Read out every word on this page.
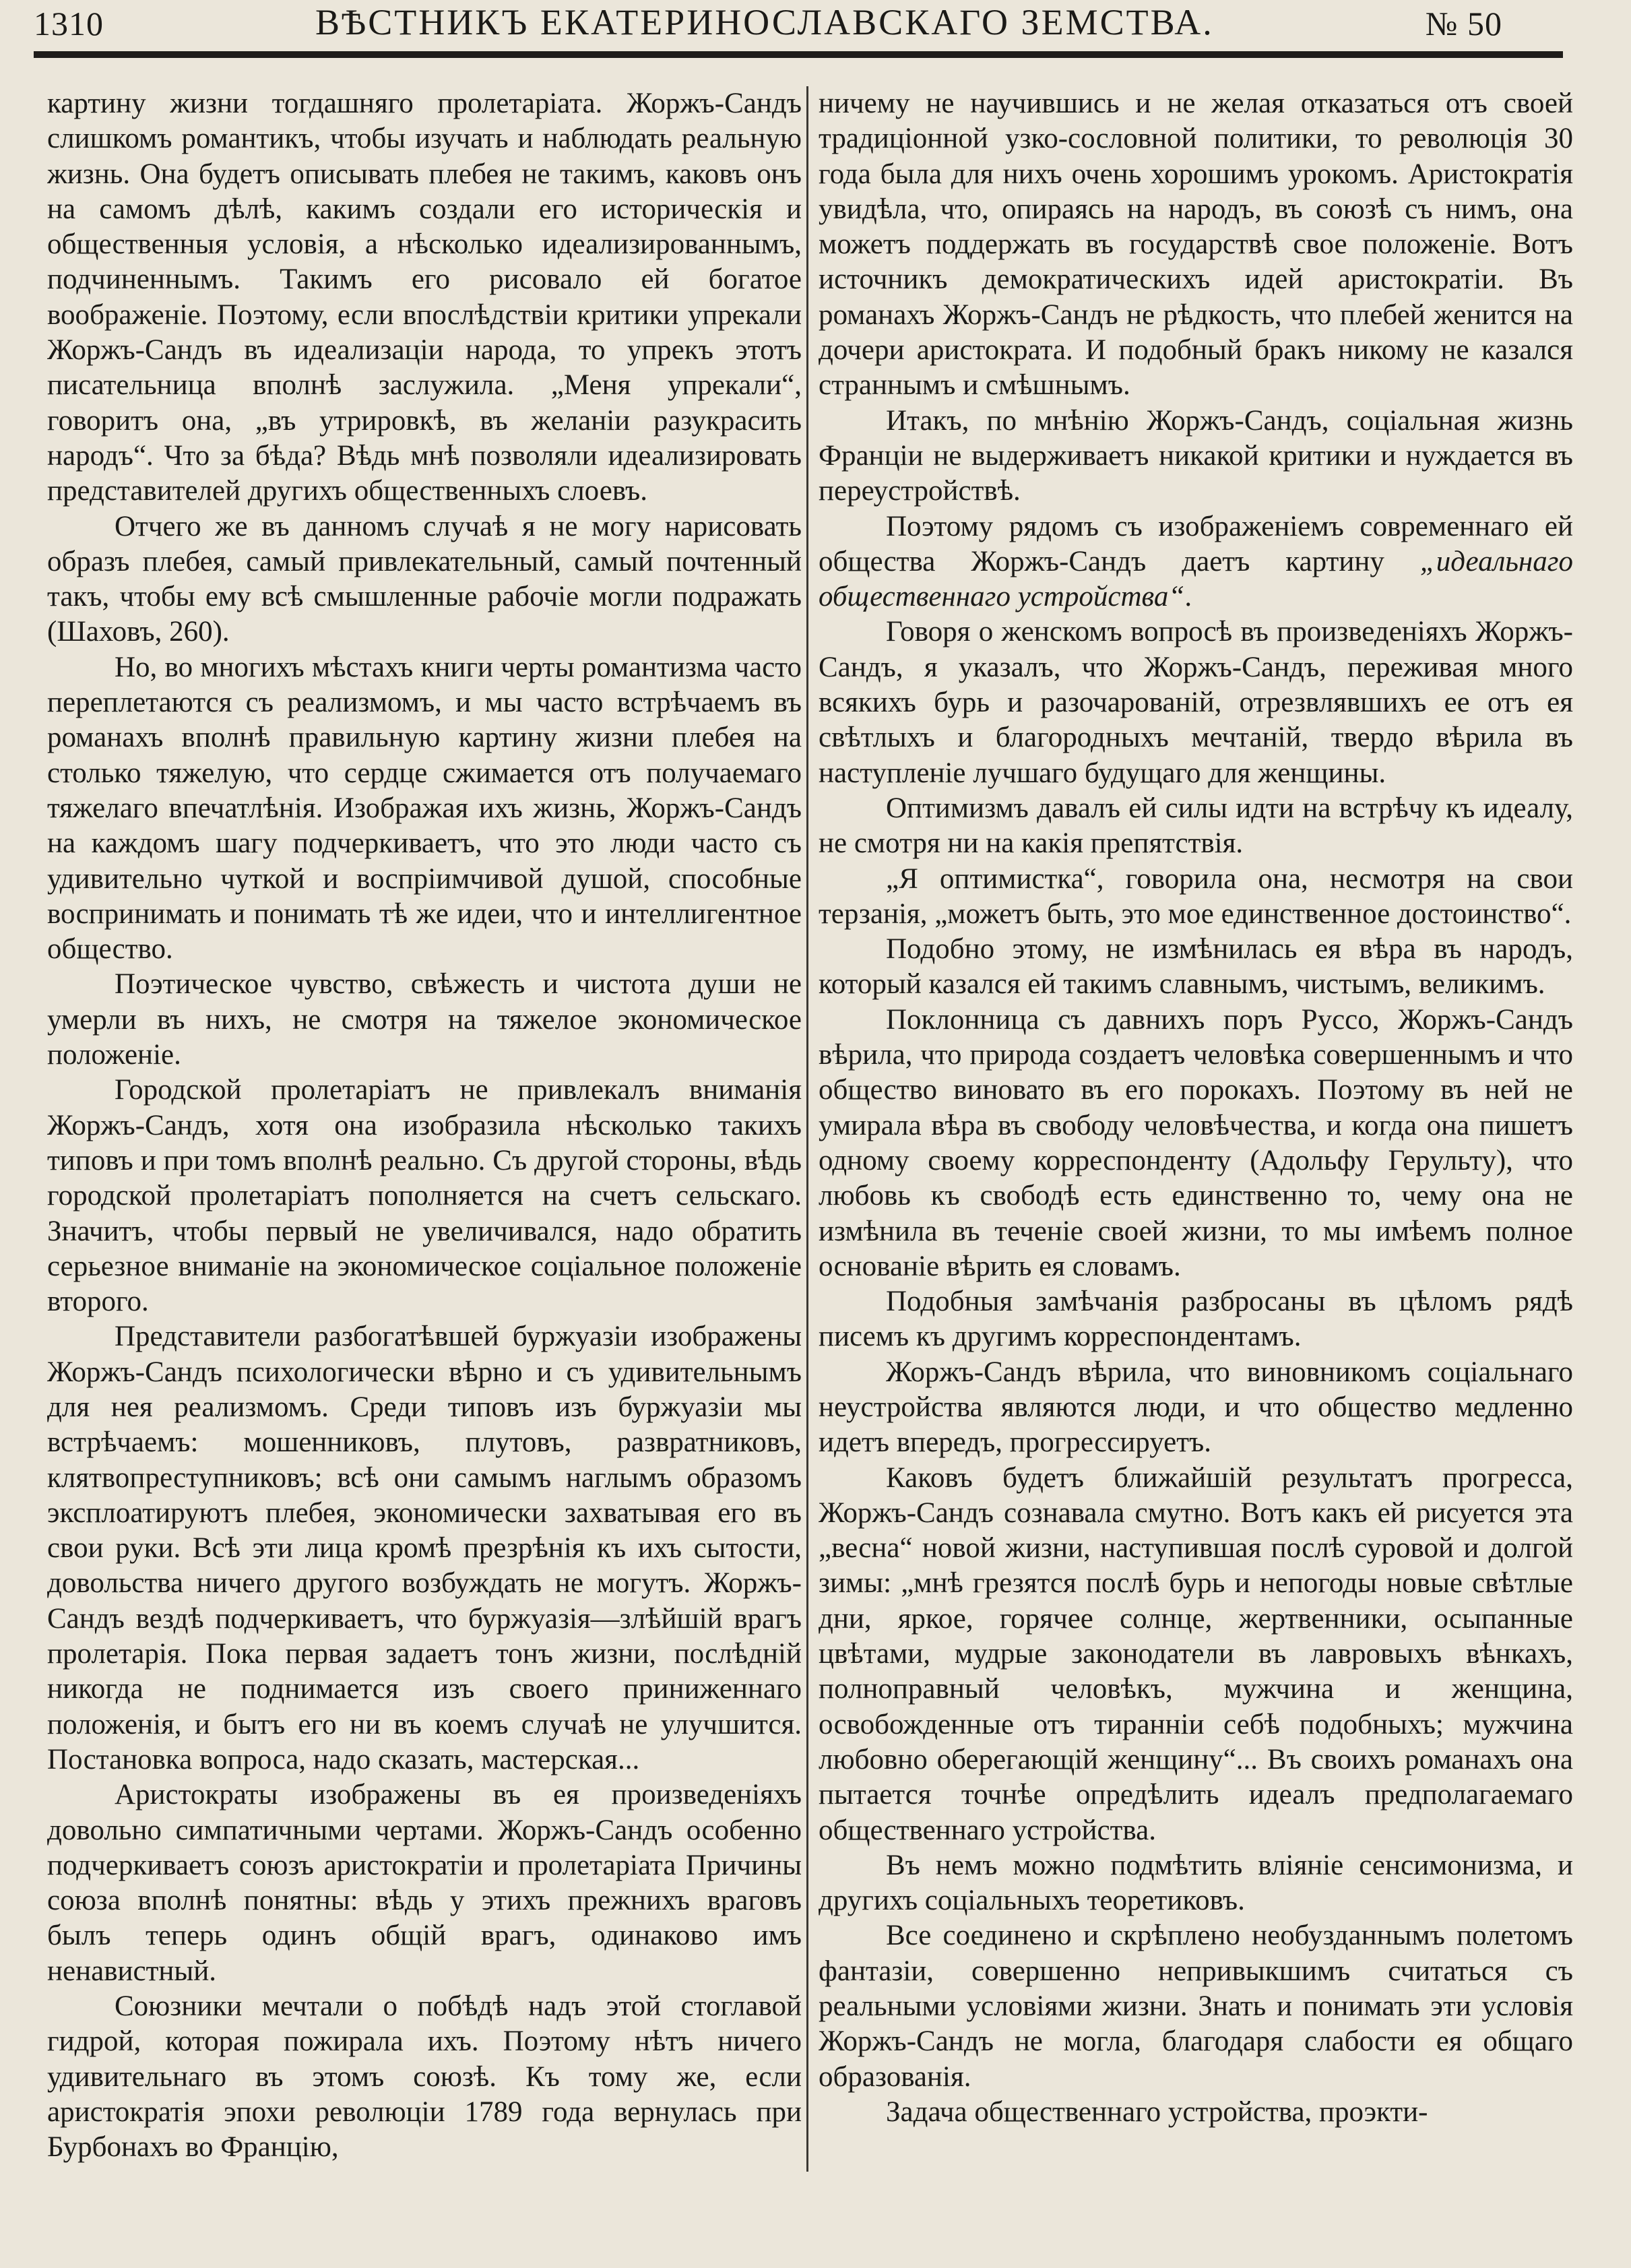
1310	ВѢСТНИКЪ ЕКАТЕРИНОСЛАВСКАГО ЗЕМСТВА.	№ 50

картину жизни тогдашняго пролетаріата. Жоржъ-Сандъ слишкомъ романтикъ, чтобы изучать и наблюдать реальную жизнь. Она будетъ описывать плебея не такимъ, каковъ онъ на самомъ дѣлѣ, какимъ создали его историческія и общественныя условія, а нѣсколько идеализированнымъ, подчиненнымъ. Такимъ его рисовало ей богатое воображеніе. Поэтому, если впослѣдствіи критики упрекали Жоржъ-Сандъ въ идеализаціи народа, то упрекъ этотъ писательница вполнѣ заслужила. „Меня упрекали“, говоритъ она, „въ утрировкѣ, въ желаніи разукрасить народъ“. Что за бѣда? Вѣдь мнѣ позволяли идеализировать представителей другихъ общественныхъ слоевъ.

Отчего же въ данномъ случаѣ я не могу нарисовать образъ плебея, самый привлекательный, самый почтенный такъ, чтобы ему всѣ смышленные рабочіе могли подражать (Шаховъ, 260).

Но, во многихъ мѣстахъ книги черты романтизма часто переплетаются съ реализмомъ, и мы часто встрѣчаемъ въ романахъ вполнѣ правильную картину жизни плебея на столько тяжелую, что сердце сжимается отъ получаемаго тяжелаго впечатлѣнія. Изображая ихъ жизнь, Жоржъ-Сандъ на каждомъ шагу подчеркиваетъ, что это люди часто съ удивительно чуткой и воспріимчивой душой, способные воспринимать и понимать тѣ же идеи, что и интеллигентное общество.

Поэтическое чувство, свѣжесть и чистота души не умерли въ нихъ, не смотря на тяжелое экономическое положеніе.

Городской пролетаріатъ не привлекалъ вниманія Жоржъ-Сандъ, хотя она изобразила нѣсколько такихъ типовъ и при томъ вполнѣ реально. Съ другой стороны, вѣдь городской пролетаріатъ пополняется на счетъ сельскаго. Значитъ, чтобы первый не увеличивался, надо обратить серьезное вниманіе на экономическое соціальное положеніе второго.

Представители разбогатѣвшей буржуазіи изображены Жоржъ-Сандъ психологически вѣрно и съ удивительнымъ для нея реализмомъ. Среди типовъ изъ буржуазіи мы встрѣчаемъ: мошенниковъ, плутовъ, развратниковъ, клятвопреступниковъ; всѣ они самымъ наглымъ образомъ эксплоатируютъ плебея, экономически захватывая его въ свои руки. Всѣ эти лица кромѣ презрѣнія къ ихъ сытости, довольства ничего другого возбуждать не могутъ. Жоржъ-Сандъ вездѣ подчеркиваетъ, что буржуазія—злѣйшій врагъ пролетарія. Пока первая задаетъ тонъ жизни, послѣдній никогда не поднимается изъ своего приниженнаго положенія, и бытъ его ни въ коемъ случаѣ не улучшится. Постановка вопроса, надо сказать, мастерская...

Аристократы изображены въ ея произведеніяхъ довольно симпатичными чертами. Жоржъ-Сандъ особенно подчеркиваетъ союзъ аристократіи и пролетаріата Причины союза вполнѣ понятны: вѣдь у этихъ прежнихъ враговъ былъ теперь одинъ общій врагъ, одинаково имъ ненавистный.

Союзники мечтали о побѣдѣ надъ этой стоглавой гидрой, которая пожирала ихъ. Поэтому нѣтъ ничего удивительнаго въ этомъ союзѣ. Къ тому же, если аристократія эпохи революціи 1789 года вернулась при Бурбонахъ во Францію,

ничему не научившись и не желая отказаться отъ своей традиціонной узко-сословной политики, то революція 30 года была для нихъ очень хорошимъ урокомъ. Аристократія увидѣла, что, опираясь на народъ, въ союзѣ съ нимъ, она можетъ поддержать въ государствѣ свое положеніе. Вотъ источникъ демократическихъ идей аристократіи. Въ романахъ Жоржъ-Сандъ не рѣдкость, что плебей женится на дочери аристократа. И подобный бракъ никому не казался страннымъ и смѣшнымъ.

Итакъ, по мнѣнію Жоржъ-Сандъ, соціальная жизнь Франціи не выдерживаетъ никакой критики и нуждается въ переустройствѣ.

Поэтому рядомъ съ изображеніемъ современнаго ей общества Жоржъ-Сандъ даетъ картину „идеальнаго общественнаго устройства“.

Говоря о женскомъ вопросѣ въ произведеніяхъ Жоржъ-Сандъ, я указалъ, что Жоржъ-Сандъ, переживая много всякихъ бурь и разочарованій, отрезвлявшихъ ее отъ ея свѣтлыхъ и благородныхъ мечтаній, твердо вѣрила въ наступленіе лучшаго будущаго для женщины.

Оптимизмъ давалъ ей силы идти на встрѣчу къ идеалу, не смотря ни на какія препятствія.

„Я оптимистка“, говорила она, несмотря на свои терзанія, „можетъ быть, это мое единственное достоинство“.

Подобно этому, не измѣнилась ея вѣра въ народъ, который казался ей такимъ славнымъ, чистымъ, великимъ.

Поклонница съ давнихъ поръ Руссо, Жоржъ-Сандъ вѣрила, что природа создаетъ человѣка совершеннымъ и что общество виновато въ его порокахъ. Поэтому въ ней не умирала вѣра въ свободу человѣчества, и когда она пишетъ одному своему корреспонденту (Адольфу Герульту), что любовь къ свободѣ есть единственно то, чему она не измѣнила въ теченіе своей жизни, то мы имѣемъ полное основаніе вѣрить ея словамъ.

Подобныя замѣчанія разбросаны въ цѣломъ рядѣ писемъ къ другимъ корреспондентамъ.

Жоржъ-Сандъ вѣрила, что виновникомъ соціальнаго неустройства являются люди, и что общество медленно идетъ впередъ, прогрессируетъ.

Каковъ будетъ ближайшій результатъ прогресса, Жоржъ-Сандъ сознавала смутно. Вотъ какъ ей рисуется эта „весна“ новой жизни, наступившая послѣ суровой и долгой зимы: „мнѣ грезятся послѣ бурь и непогоды новые свѣтлые дни, яркое, горячее солнце, жертвенники, осыпанные цвѣтами, мудрые законодатели въ лавровыхъ вѣнкахъ, полноправный человѣкъ, мужчина и женщина, освобожденные отъ тиранніи себѣ подобныхъ; мужчина любовно оберегающій женщину“... Въ своихъ романахъ она пытается точнѣе опредѣлить идеалъ предполагаемаго общественнаго устройства.

Въ немъ можно подмѣтить вліяніе сенсимонизма, и другихъ соціальныхъ теоретиковъ.

Все соединено и скрѣплено необузданнымъ полетомъ фантазіи, совершенно непривыкшимъ считаться съ реальными условіями жизни. Знать и понимать эти условія Жоржъ-Сандъ не могла, благодаря слабости ея общаго образованія.

Задача общественнаго устройства, проэкти-
